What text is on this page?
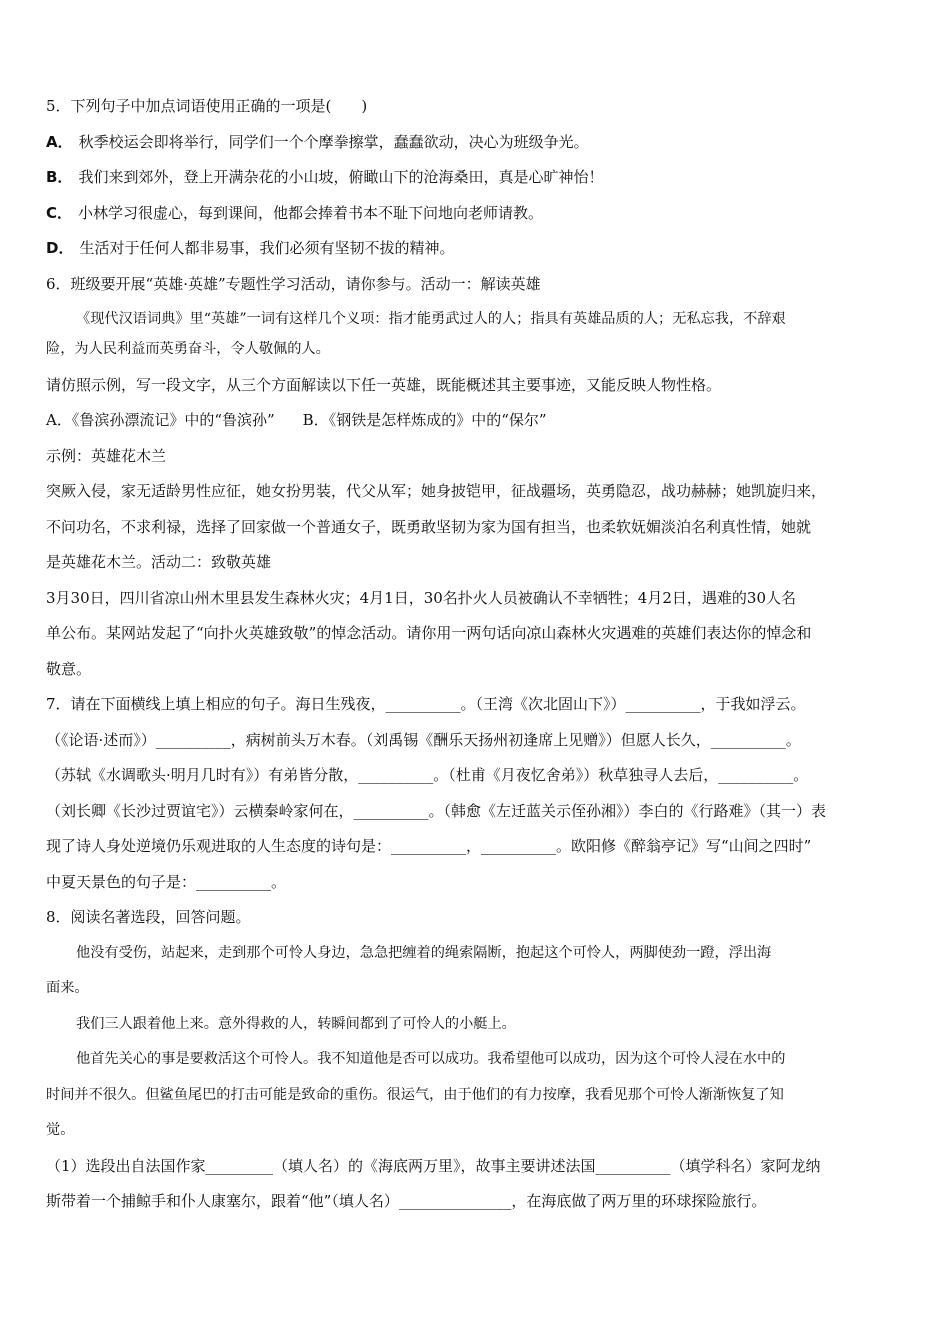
5．下列句子中加点词语使用正确的一项是(　　)
A． 秋季校运会即将举行，同学们一个个摩拳擦掌，蠢蠢欲动，决心为班级争光。
B． 我们来到郊外，登上开满杂花的小山坡，俯瞰山下的沧海桑田，真是心旷神怡！
C． 小林学习很虚心，每到课间，他都会捧着书本不耻下问地向老师请教。
D． 生活对于任何人都非易事，我们必须有坚韧不拔的精神。
6．班级要开展“英雄·英雄”专题性学习活动，请你参与。活动一：解读英雄
《现代汉语词典》里“英雄”一词有这样几个义项：指才能勇武过人的人；指具有英雄品质的人；无私忘我，不辞艰
险，为人民利益而英勇奋斗，令人敬佩的人。
请仿照示例，写一段文字，从三个方面解读以下任一英雄，既能概述其主要事迹，又能反映人物性格。
A．《鲁滨孙漂流记》中的“鲁滨孙” B．《钢铁是怎样炼成的》中的“保尔”
示例：英雄花木兰
突厥入侵，家无适龄男性应征，她女扮男装，代父从军；她身披铠甲，征战疆场，英勇隐忍，战功赫赫；她凯旋归来，
不问功名，不求利禄，选择了回家做一个普通女子，既勇敢坚韧为家为国有担当，也柔软妩媚淡泊名利真性情，她就
是英雄花木兰。活动二：致敬英雄
3月30日，四川省凉山州木里县发生森林火灾；4月1日，30名扑火人员被确认不幸牺牲；4月2日，遇难的30人名
单公布。某网站发起了“向扑火英雄致敬”的悼念活动。请你用一两句话向凉山森林火灾遇难的英雄们表达你的悼念和
敬意。
7．请在下面横线上填上相应的句子。海日生残夜，__________。（王湾《次北固山下》）__________，于我如浮云。
（《论语·述而》）__________，病树前头万木春。（刘禹锡《酬乐天扬州初逢席上见赠》）但愿人长久，__________。
（苏轼《水调歌头·明月几时有》）有弟皆分散，__________。（杜甫《月夜忆舍弟》）秋草独寻人去后，__________。
（刘长卿《长沙过贾谊宅》）云横秦岭家何在，__________。（韩愈《左迁蓝关示侄孙湘》）李白的《行路难》（其一）表
现了诗人身处逆境仍乐观进取的人生态度的诗句是：__________，__________。欧阳修《醉翁亭记》写“山间之四时”
中夏天景色的句子是：__________。
8．阅读名著选段，回答问题。
他没有受伤，站起来，走到那个可怜人身边，急急把缠着的绳索隔断，抱起这个可怜人，两脚使劲一蹬，浮出海
面来。
我们三人跟着他上来。意外得救的人，转瞬间都到了可怜人的小艇上。
他首先关心的事是要救活这个可怜人。我不知道他是否可以成功。我希望他可以成功，因为这个可怜人浸在水中的
时间并不很久。但鲨鱼尾巴的打击可能是致命的重伤。很运气，由于他们的有力按摩，我看见那个可怜人渐渐恢复了知
觉。
（1）选段出自法国作家_________（填人名）的《海底两万里》，故事主要讲述法国__________（填学科名）家阿龙纳
斯带着一个捕鲸手和仆人康塞尔，跟着“他”（填人名）_______________，在海底做了两万里的环球探险旅行。
